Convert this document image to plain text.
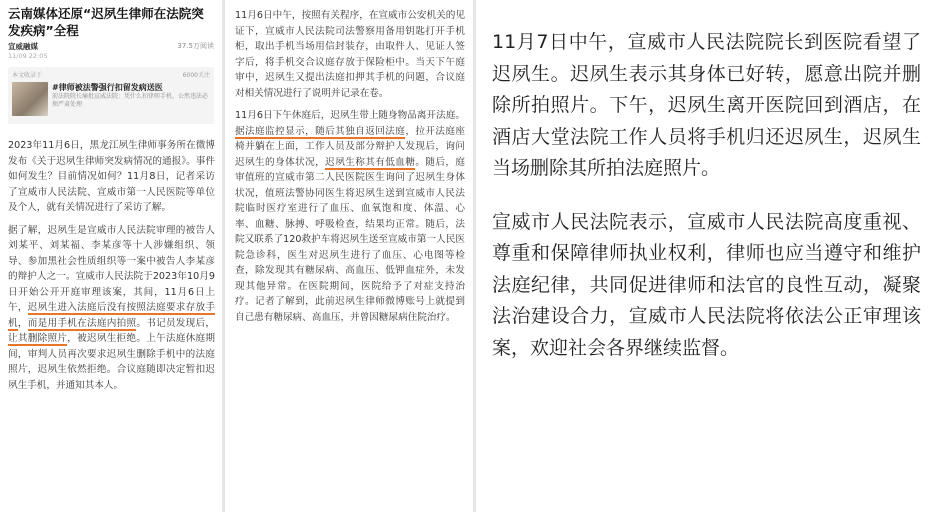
云南媒体还原“迟夙生律师在法院突发疾病”全程
宣威融媒	37.5万阅读
11/09 22:05
本文收录于	6000关注
#律师被法警强行扣留发病送医
前法院院长痛批宣威法院：凭什么扣律师手机，公然违法必须严肃处理

2023年11月6日，黑龙江夙生律师事务所在微博发布《关于迟夙生律师突发病情况的通报》。事件如何发生？目前情况如何？11月8日，记者采访了宣威市人民法院、宣威市第一人民医院等单位及个人，就有关情况进行了采访了解。

据了解，迟夙生是宣威市人民法院审理的被告人刘某平、刘某福、李某彦等十人涉嫌组织、领导、参加黑社会性质组织等一案中被告人李某彦的辩护人之一。宣威市人民法院于2023年10月9日开始公开开庭审理该案，其间，11月6日上午，迟夙生进入法庭后没有按照法庭要求存放手机，而是用手机在法庭内拍照。书记员发现后，让其删除照片，被迟夙生拒绝。上午法庭休庭期间，审判人员再次要求迟夙生删除手机中的法庭照片，迟夙生依然拒绝。合议庭随即决定暂扣迟夙生手机，并通知其本人。

11月6日中午，按照有关程序，在宣威市公安机关的见证下，宣威市人民法院司法警察用备用钥匙打开手机柜，取出手机当场用信封装存，由取件人、见证人签字后，将手机交合议庭存放于保险柜中。当天下午庭审中，迟夙生又提出法庭扣押其手机的问题，合议庭对相关情况进行了说明并记录在卷。

11月6日下午休庭后，迟夙生带上随身物品离开法庭。据法庭监控显示，随后其独自返回法庭，拉开法庭座椅并躺在上面，工作人员及部分辩护人发现后，询问迟夙生的身体状况，迟夙生称其有低血糖。随后，庭审值班的宣威市第二人民医院医生询问了迟夙生身体状况，值班法警协同医生将迟夙生送到宣威市人民法院临时医疗室进行了血压、血氧饱和度、体温、心率、血糖、脉搏、呼吸检查，结果均正常。随后，法院又联系了120救护车将迟夙生送至宣威市第一人民医院急诊科，医生对迟夙生进行了血压、心电图等检查，除发现其有糖尿病、高血压、低钾血症外，未发现其他异常。在医院期间，医院给予了对症支持治疗。记者了解到，此前迟夙生律师微博账号上就提到自己患有糖尿病、高血压，并曾因糖尿病住院治疗。

11月7日中午，宣威市人民法院院长到医院看望了迟夙生。迟夙生表示其身体已好转，愿意出院并删除所拍照片。下午，迟夙生离开医院回到酒店，在酒店大堂法院工作人员将手机归还迟夙生，迟夙生当场删除其所拍法庭照片。

宣威市人民法院表示，宣威市人民法院高度重视、尊重和保障律师执业权利，律师也应当遵守和维护法庭纪律，共同促进律师和法官的良性互动，凝聚法治建设合力，宣威市人民法院将依法公正审理该案，欢迎社会各界继续监督。
